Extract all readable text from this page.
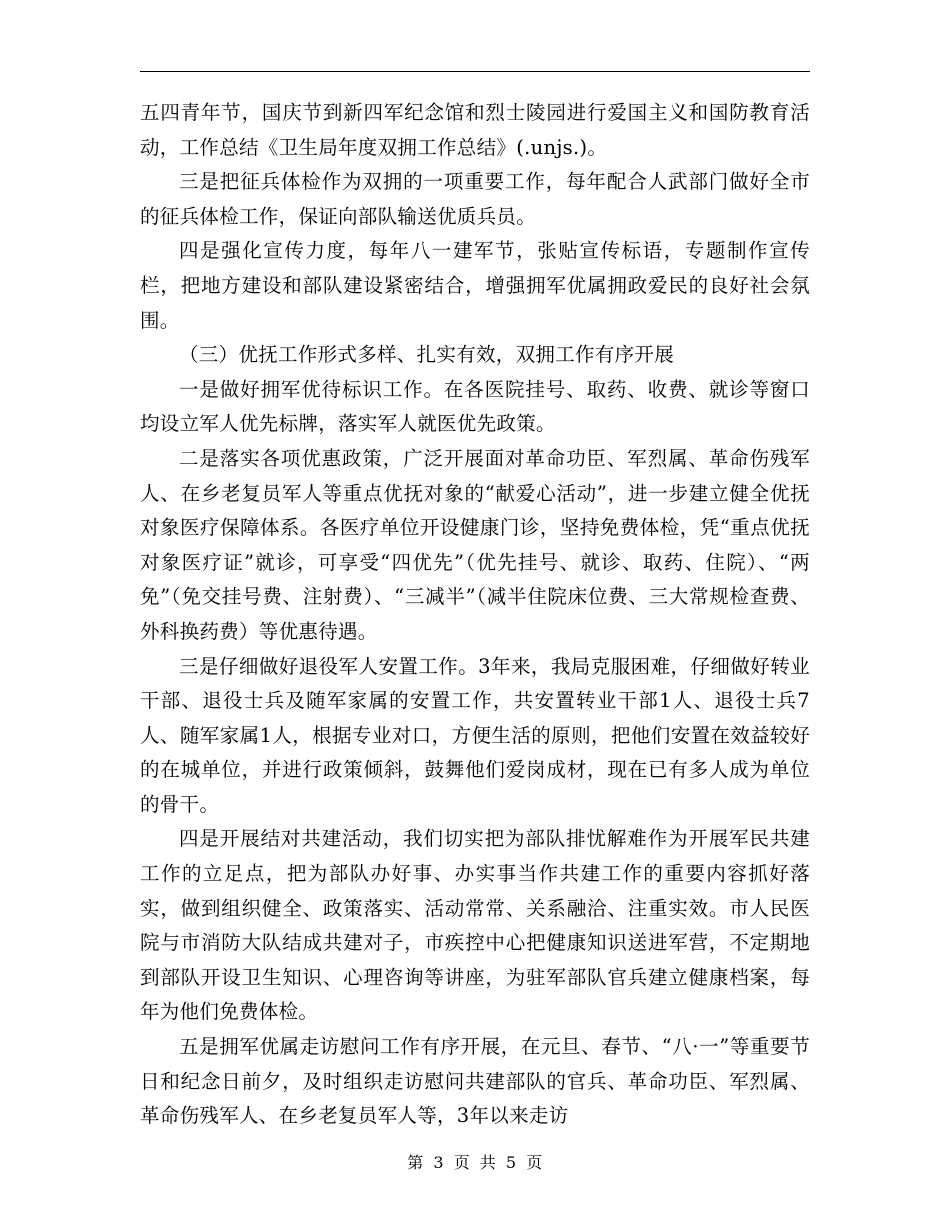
五四青年节，国庆节到新四军纪念馆和烈士陵园进行爱国主义和国防教育活动，工作总结《卫生局年度双拥工作总结》(.unjs.)。

三是把征兵体检作为双拥的一项重要工作，每年配合人武部门做好全市的征兵体检工作，保证向部队输送优质兵员。

四是强化宣传力度，每年八一建军节，张贴宣传标语，专题制作宣传栏，把地方建设和部队建设紧密结合，增强拥军优属拥政爱民的良好社会氛围。

（三）优抚工作形式多样、扎实有效，双拥工作有序开展

一是做好拥军优待标识工作。在各医院挂号、取药、收费、就诊等窗口均设立军人优先标牌，落实军人就医优先政策。

二是落实各项优惠政策，广泛开展面对革命功臣、军烈属、革命伤残军人、在乡老复员军人等重点优抚对象的“献爱心活动”，进一步建立健全优抚对象医疗保障体系。各医疗单位开设健康门诊，坚持免费体检，凭“重点优抚对象医疗证”就诊，可享受“四优先”（优先挂号、就诊、取药、住院）、“两免”（免交挂号费、注射费）、“三减半”（减半住院床位费、三大常规检查费、外科换药费）等优惠待遇。

三是仔细做好退役军人安置工作。3年来，我局克服困难，仔细做好转业干部、退役士兵及随军家属的安置工作，共安置转业干部1人、退役士兵7人、随军家属1人，根据专业对口，方便生活的原则，把他们安置在效益较好的在城单位，并进行政策倾斜，鼓舞他们爱岗成材，现在已有多人成为单位的骨干。

四是开展结对共建活动，我们切实把为部队排忧解难作为开展军民共建工作的立足点，把为部队办好事、办实事当作共建工作的重要内容抓好落实，做到组织健全、政策落实、活动常常、关系融洽、注重实效。市人民医院与市消防大队结成共建对子，市疾控中心把健康知识送进军营，不定期地到部队开设卫生知识、心理咨询等讲座，为驻军部队官兵建立健康档案，每年为他们免费体检。

五是拥军优属走访慰问工作有序开展，在元旦、春节、“八·一”等重要节日和纪念日前夕，及时组织走访慰问共建部队的官兵、革命功臣、军烈属、革命伤残军人、在乡老复员军人等，3年以来走访

第 3 页 共 5 页
